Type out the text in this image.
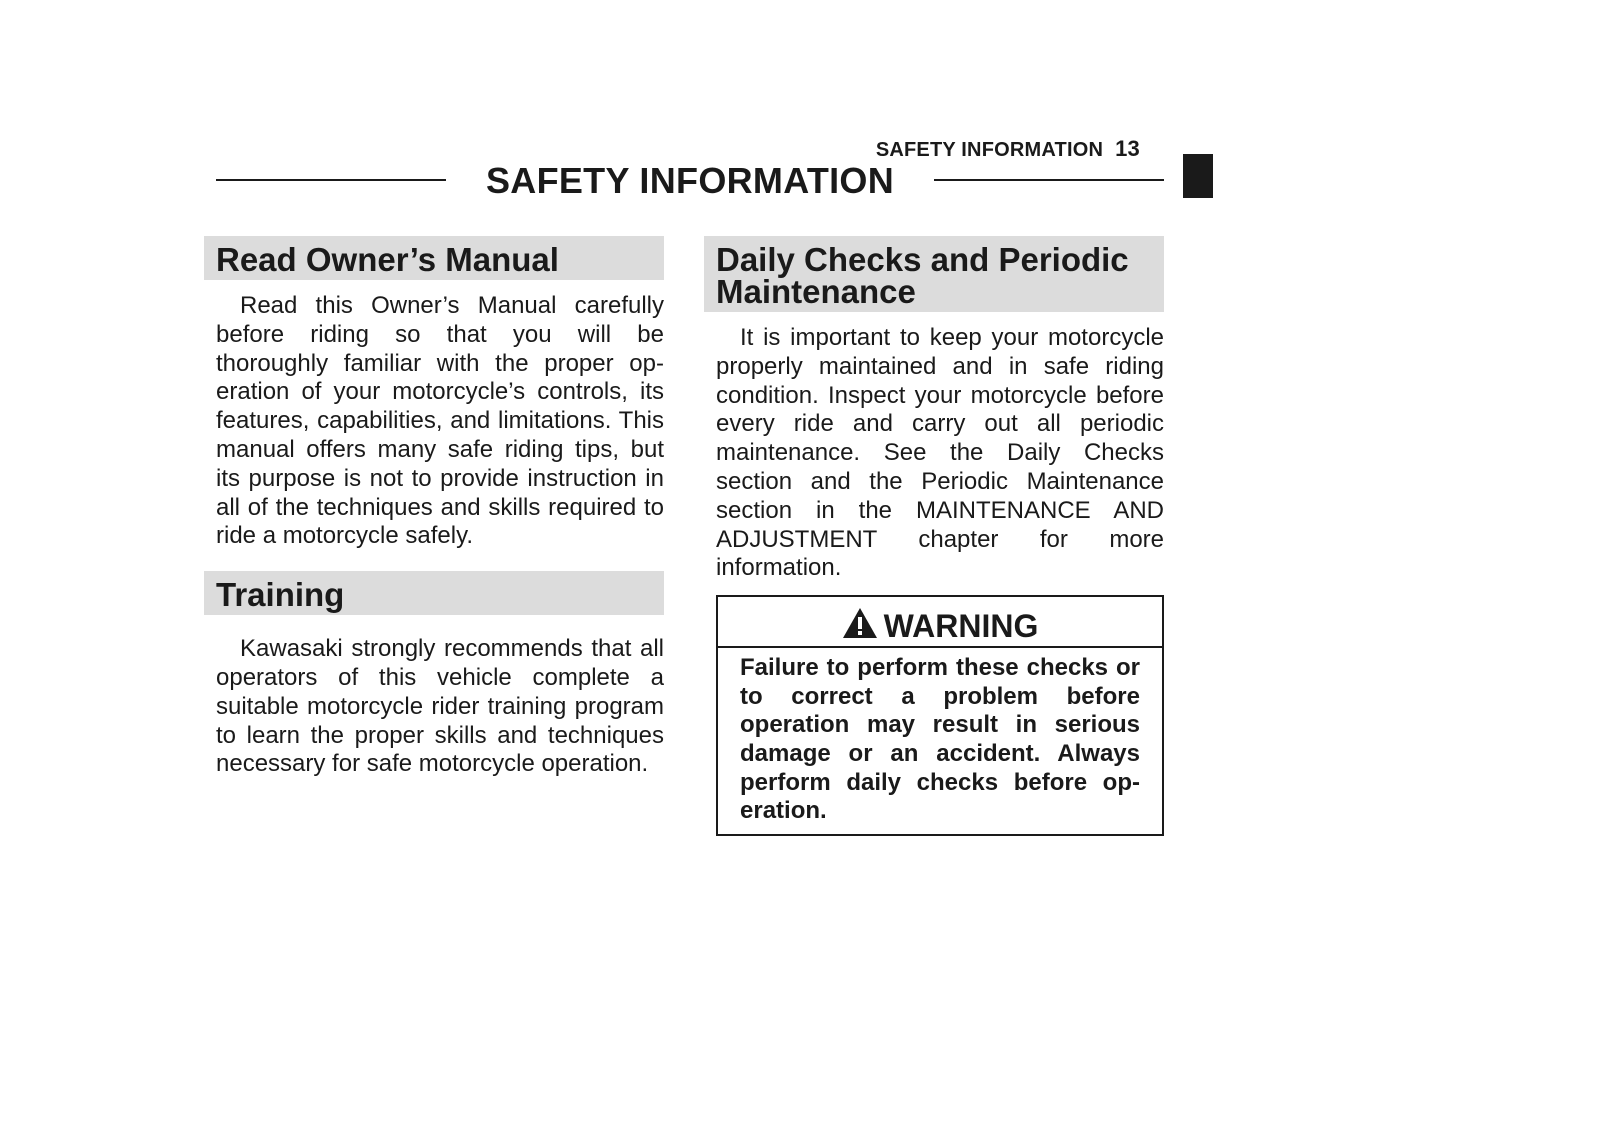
SAFETY INFORMATION 13
SAFETY INFORMATION
Read Owner’s Manual

Read this Owner’s Manual carefully before riding so that you will be thoroughly familiar with the proper operation of your motorcycle’s controls, its features, capabilities, and limitations. This manual offers many safe riding tips, but its purpose is not to provide instruction in all of the techniques and skills required to ride a motorcycle safely.

Training

Kawasaki strongly recommends that all operators of this vehicle complete a suitable motorcycle rider training program to learn the proper skills and techniques necessary for safe motorcycle operation.

Daily Checks and Periodic Maintenance

It is important to keep your motorcycle properly maintained and in safe riding condition. Inspect your motorcycle before every ride and carry out all periodic maintenance. See the Daily Checks section and the Periodic Maintenance section in the MAINTENANCE AND ADJUSTMENT chapter for more information.

WARNING

Failure to perform these checks or to correct a problem before operation may result in serious damage or an accident. Always perform daily checks before operation.
